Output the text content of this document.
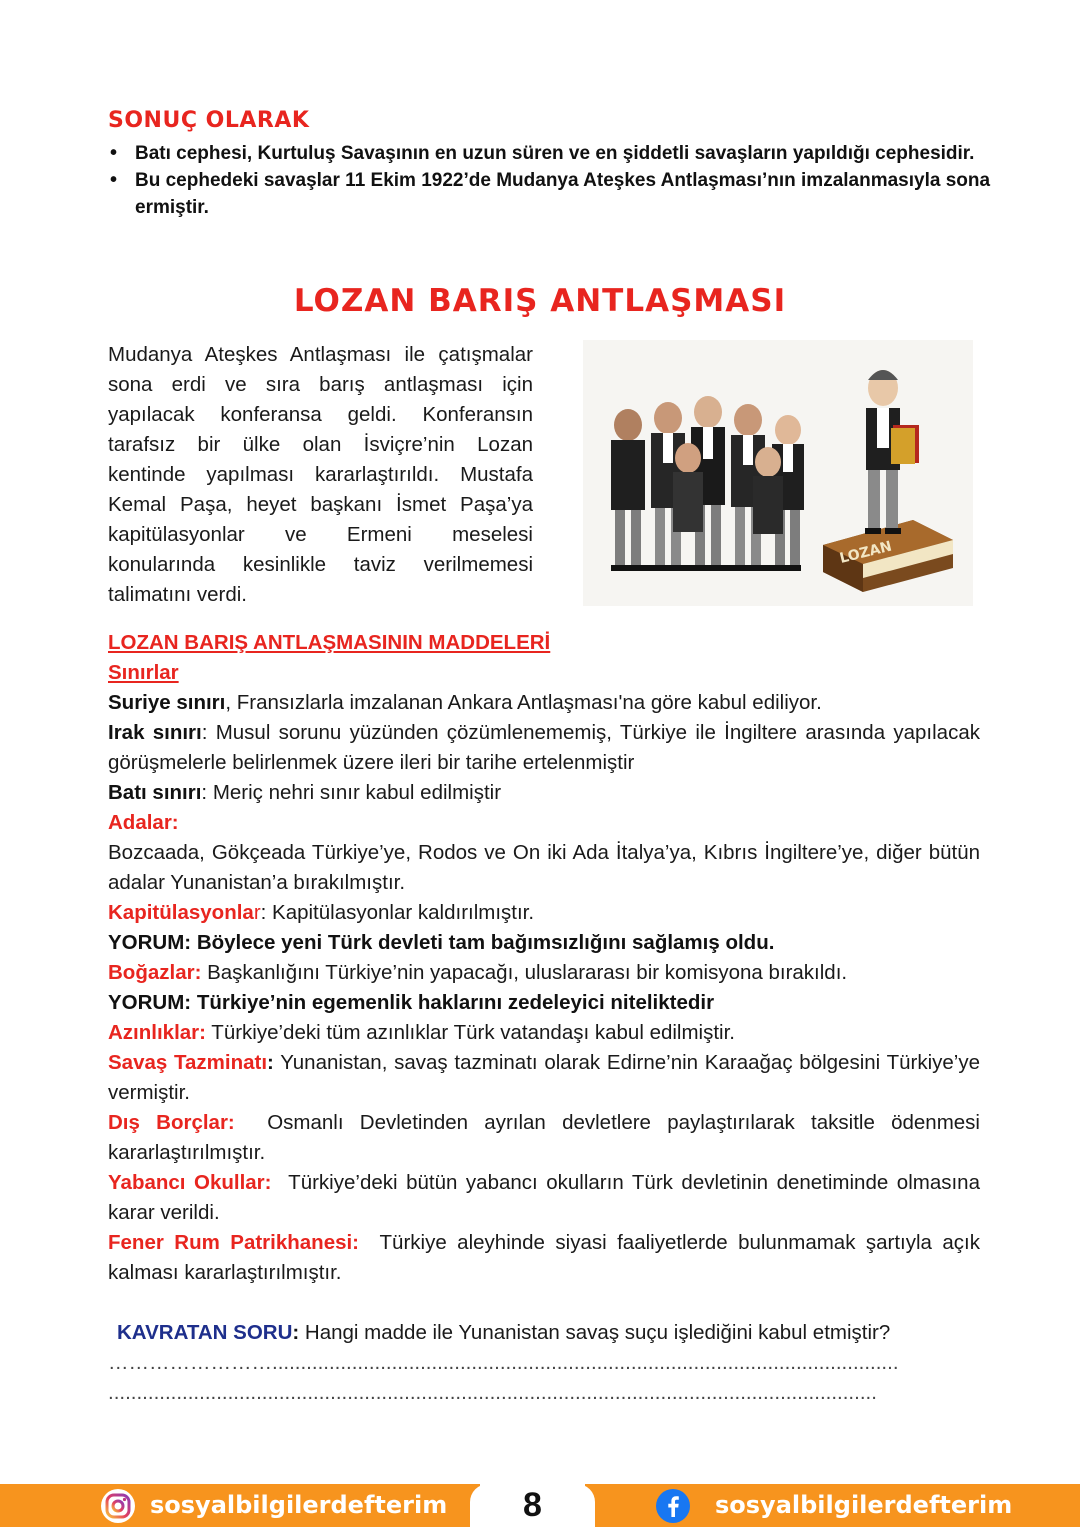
SONUÇ OLARAK
• Batı cephesi, Kurtuluş Savaşının en uzun süren ve en şiddetli savaşların yapıldığı cephesidir.
• Bu cephedeki savaşlar 11 Ekim 1922’de Mudanya Ateşkes Antlaşması’nın imzalanmasıyla sona ermiştir.
LOZAN BARIŞ ANTLAŞMASI

Mudanya Ateşkes Antlaşması ile çatışmalar sona erdi ve sıra barış antlaşması için yapılacak konferansa geldi. Konferansın tarafsız bir ülke olan İsviçre’nin Lozan kentinde yapılması kararlaştırıldı. Mustafa Kemal Paşa, heyet başkanı İsmet Paşa’ya kapitülasyonlar ve Ermeni meselesi konularında kesinlikle taviz verilmemesi talimatını verdi.

LOZAN

LOZAN BARIŞ ANTLAŞMASININ MADDELERİ

Sınırlar

Suriye sınırı, Fransızlarla imzalanan Ankara Antlaşması'na göre kabul ediliyor.

Irak sınırı: Musul sorunu yüzünden çözümlenememiş, Türkiye ile İngiltere arasında yapılacak görüşmelerle belirlenmek üzere ileri bir tarihe ertelenmiştir

Batı sınırı: Meriç nehri sınır kabul edilmiştir

Adalar:

Bozcaada, Gökçeada Türkiye’ye, Rodos ve On iki Ada İtalya’ya, Kıbrıs İngiltere’ye, diğer bütün adalar Yunanistan’a bırakılmıştır.

Kapitülasyonlar: Kapitülasyonlar kaldırılmıştır.

YORUM: Böylece yeni Türk devleti tam bağımsızlığını sağlamış oldu.

Boğazlar: Başkanlığını Türkiye’nin yapacağı, uluslararası bir komisyona bırakıldı.

YORUM: Türkiye’nin egemenlik haklarını zedeleyici niteliktedir

Azınlıklar: Türkiye’deki tüm azınlıklar Türk vatandaşı kabul edilmiştir.

Savaş Tazminatı: Yunanistan, savaş tazminatı olarak Edirne’nin Karaağaç bölgesini Türkiye’ye vermiştir.

Dış Borçlar:  Osmanlı Devletinden ayrılan devletlere paylaştırılarak taksitle ödenmesi kararlaştırılmıştır.

Yabancı Okullar:  Türkiye’deki bütün yabancı okulların Türk devletinin denetiminde olmasına karar verildi.

Fener Rum Patrikhanesi:  Türkiye aleyhinde siyasi faaliyetlerde bulunmamak şartıyla açık kalması kararlaştırılmıştır.

KAVRATAN SORU: Hangi madde ile Yunanistan savaş suçu işlediğini kabul etmiştir?

……………………..............................................................................................................
.......................................................................................................................................
sosyalbilgilerdefterim	8	sosyalbilgilerdefterim
